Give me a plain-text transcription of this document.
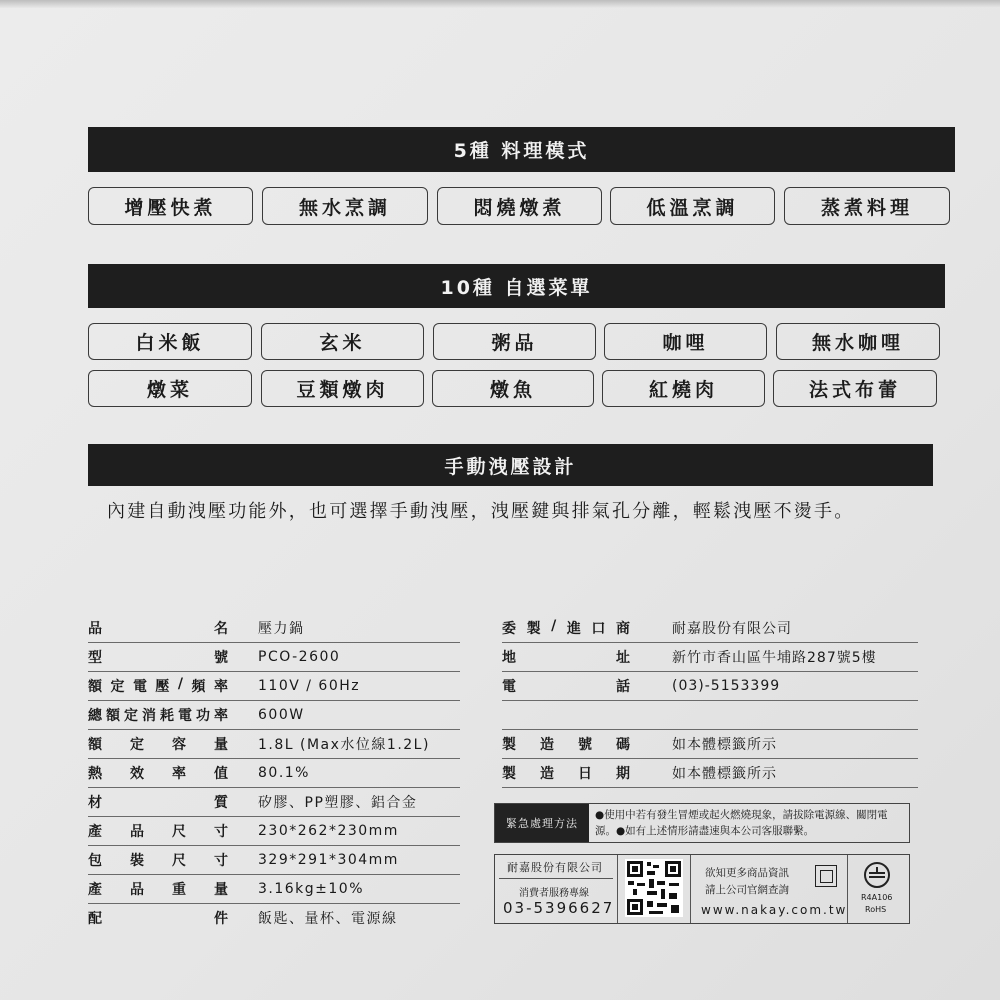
5種 料理模式
增壓快煮	無水烹調	悶燒燉煮	低溫烹調	蒸煮料理
10種 自選菜單
白米飯	玄米	粥品	咖哩	無水咖哩
燉菜	豆類燉肉	燉魚	紅燒肉	法式布蕾
手動洩壓設計
內建自動洩壓功能外，也可選擇手動洩壓，洩壓鍵與排氣孔分離，輕鬆洩壓不燙手。
品	名 壓力鍋
型	號 PCO-2600
額 定 電 壓 / 頻 率 110V / 60Hz
總 額 定 消 耗 電 功 率 600W
額 定 容 量 1.8L (Max水位線1.2L)
熱 效 率 值 80.1%
材	質 矽膠、PP塑膠、鋁合金
產 品 尺 寸 230*262*230mm
包 裝 尺 寸 329*291*304mm
產 品 重 量 3.16kg±10%
配	件 飯匙、量杯、電源線
委 製 / 進 口 商	耐嘉股份有限公司
地	址	新竹市香山區牛埔路287號5樓
電	話	(03)-5153399
製 造 號 碼	如本體標籤所示
製 造 日 期	如本體標籤所示
緊急處理方法
●使用中若有發生冒煙或起火燃燒現象，請拔除電源線、關閉電源。●如有上述情形請盡速與本公司客服聯繫。
耐嘉股份有限公司
消費者服務專線
03-5396627
欲知更多商品資訊
請上公司官網查詢
www.nakay.com.tw
R4A106
RoHS
